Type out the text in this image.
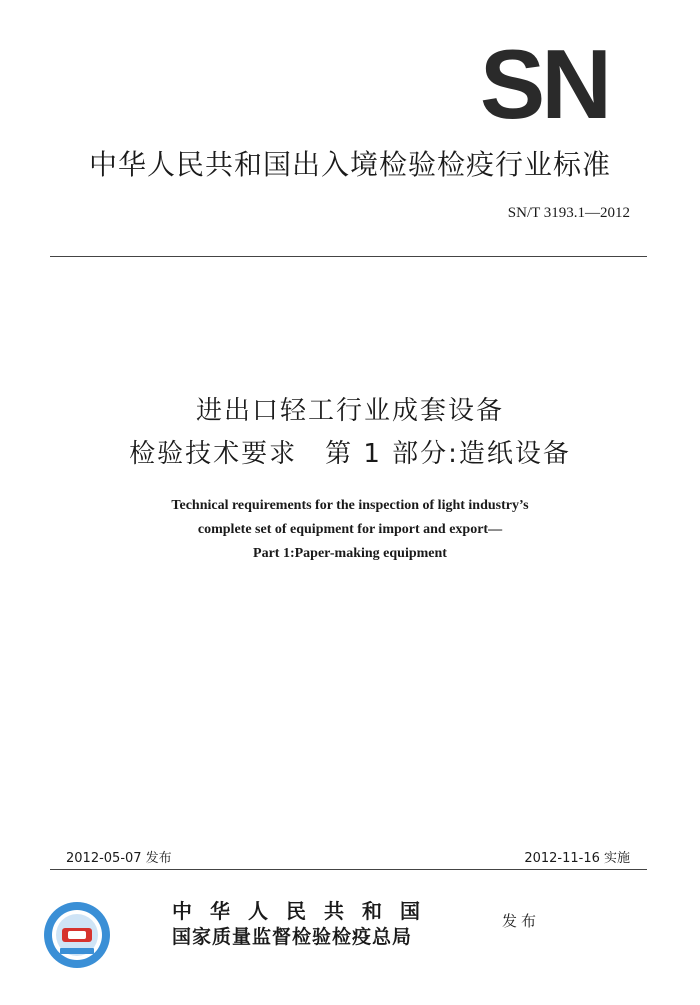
SN
中华人民共和国出入境检验检疫行业标准
SN/T 3193.1—2012
进出口轻工行业成套设备
检验技术要求　第 1 部分:造纸设备
Technical requirements for the inspection of light industry’s
complete set of equipment for import and export—
Part 1:Paper-making equipment
2012-05-07 发布	2012-11-16 实施
中华人民共和国
国家质量监督检验检疫总局
发布
